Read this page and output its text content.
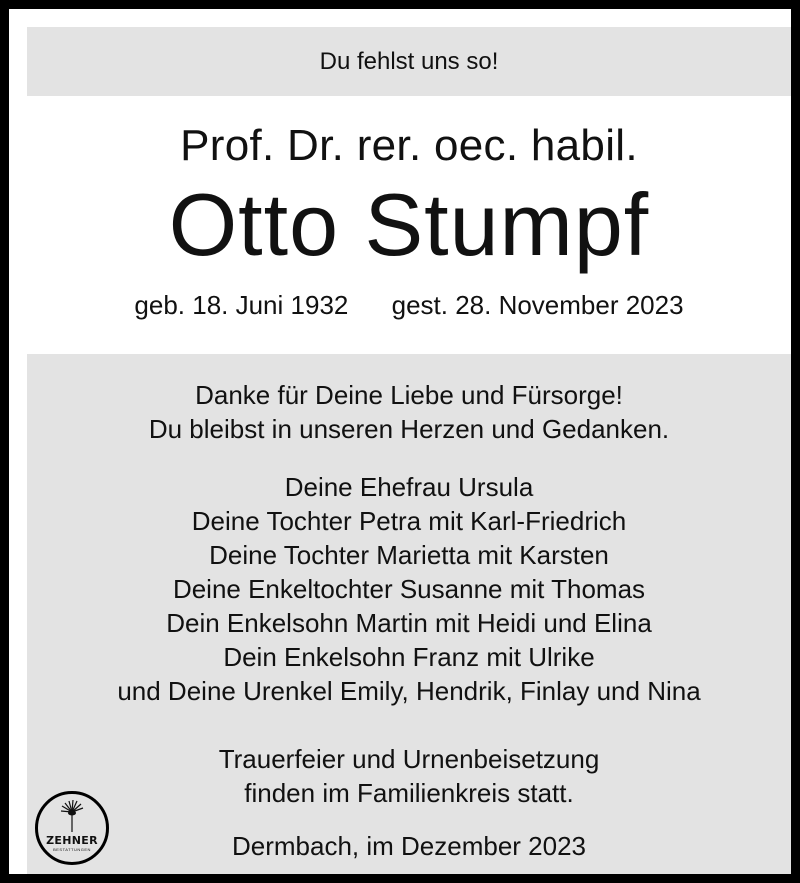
Du fehlst uns so!
Prof. Dr. rer. oec. habil.
Otto Stumpf
geb. 18. Juni 1932 gest. 28. November 2023
Danke für Deine Liebe und Fürsorge!
Du bleibst in unseren Herzen und Gedanken.
Deine Ehefrau Ursula
Deine Tochter Petra mit Karl-Friedrich
Deine Tochter Marietta mit Karsten
Deine Enkeltochter Susanne mit Thomas
Dein Enkelsohn Martin mit Heidi und Elina
Dein Enkelsohn Franz mit Ulrike
und Deine Urenkel Emily, Hendrik, Finlay und Nina
Trauerfeier und Urnenbeisetzung
finden im Familienkreis statt.
Dermbach, im Dezember 2023
ZEHNER
BESTATTUNGEN
